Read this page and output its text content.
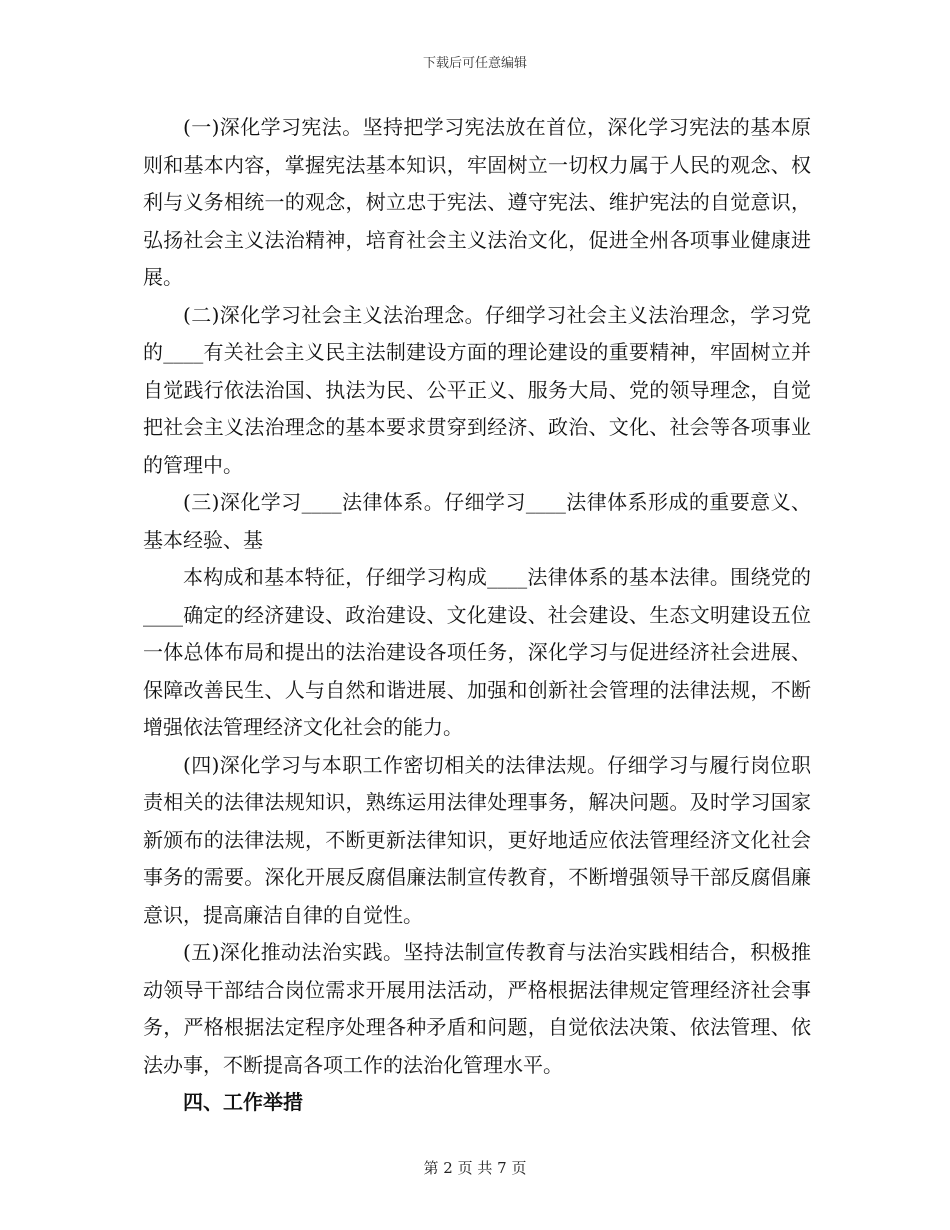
下载后可任意编辑

(一)深化学习宪法。坚持把学习宪法放在首位，深化学习宪法的基本原则和基本内容，掌握宪法基本知识，牢固树立一切权力属于人民的观念、权利与义务相统一的观念，树立忠于宪法、遵守宪法、维护宪法的自觉意识，弘扬社会主义法治精神，培育社会主义法治文化，促进全州各项事业健康进展。

(二)深化学习社会主义法治理念。仔细学习社会主义法治理念，学习党的____有关社会主义民主法制建设方面的理论建设的重要精神，牢固树立并自觉践行依法治国、执法为民、公平正义、服务大局、党的领导理念，自觉把社会主义法治理念的基本要求贯穿到经济、政治、文化、社会等各项事业的管理中。

(三)深化学习____法律体系。仔细学习____法律体系形成的重要意义、基本经验、基

本构成和基本特征，仔细学习构成____法律体系的基本法律。围绕党的____确定的经济建设、政治建设、文化建设、社会建设、生态文明建设五位一体总体布局和提出的法治建设各项任务，深化学习与促进经济社会进展、保障改善民生、人与自然和谐进展、加强和创新社会管理的法律法规，不断增强依法管理经济文化社会的能力。

(四)深化学习与本职工作密切相关的法律法规。仔细学习与履行岗位职责相关的法律法规知识，熟练运用法律处理事务，解决问题。及时学习国家新颁布的法律法规，不断更新法律知识，更好地适应依法管理经济文化社会事务的需要。深化开展反腐倡廉法制宣传教育，不断增强领导干部反腐倡廉意识，提高廉洁自律的自觉性。

(五)深化推动法治实践。坚持法制宣传教育与法治实践相结合，积极推动领导干部结合岗位需求开展用法活动，严格根据法律规定管理经济社会事务，严格根据法定程序处理各种矛盾和问题，自觉依法决策、依法管理、依法办事，不断提高各项工作的法治化管理水平。

四、工作举措

第 2 页 共 7 页
